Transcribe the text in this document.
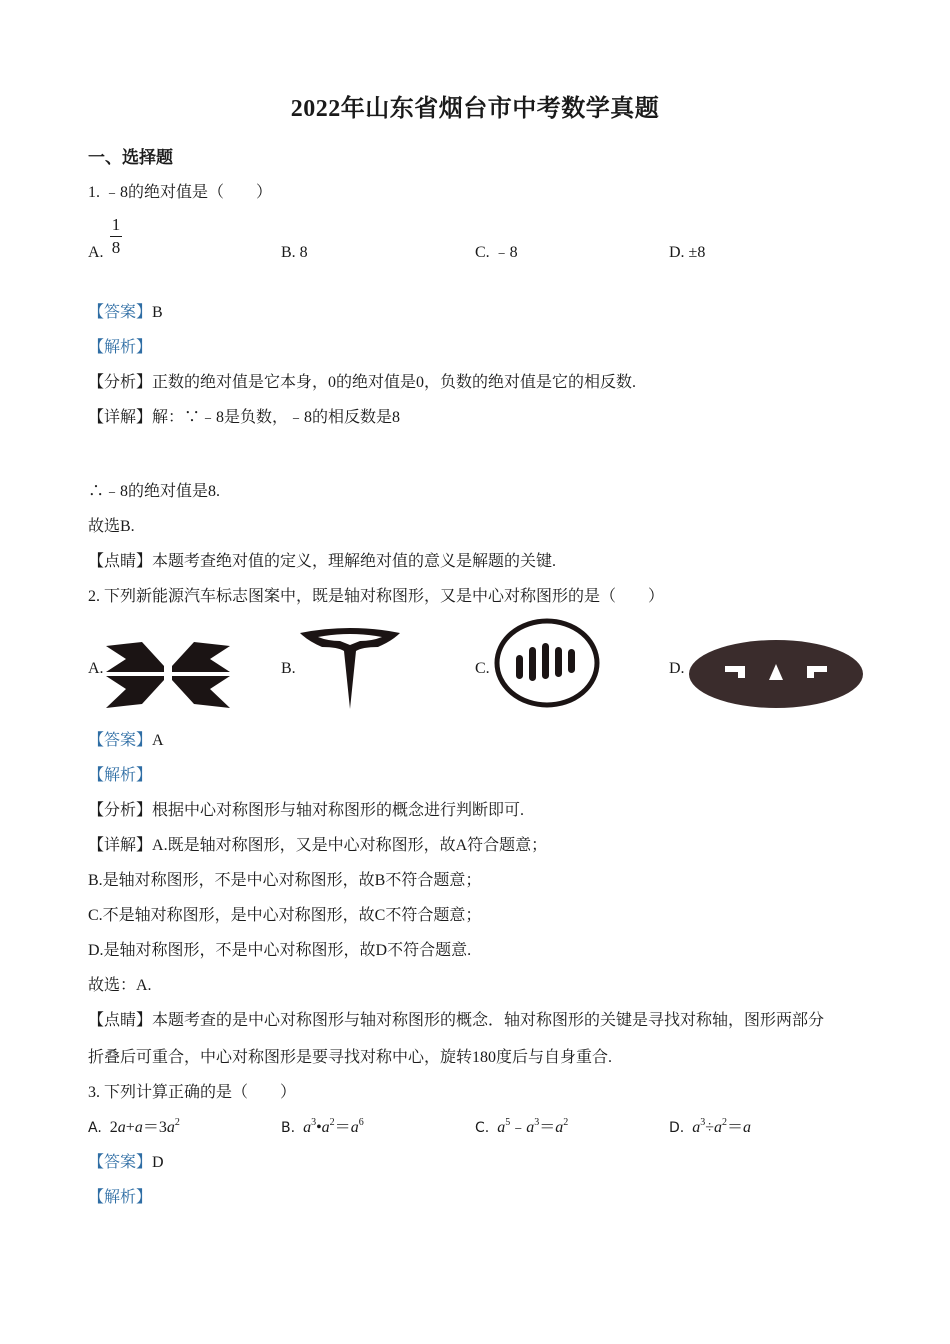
2022年山东省烟台市中考数学真题
一、选择题
1. ﹣8的绝对值是（　　）
A.
1
8	B. 8	C. ﹣8	D. ±8
【答案】B
【解析】
【分析】正数的绝对值是它本身，0的绝对值是0，负数的绝对值是它的相反数.
【详解】解：∵﹣8是负数，﹣8的相反数是8
∴﹣8的绝对值是8.
故选B.
【点睛】本题考查绝对值的定义，理解绝对值的意义是解题的关键.
2. 下列新能源汽车标志图案中，既是轴对称图形，又是中心对称图形的是（　　）
A.	B.	C.	D.
【答案】A
【解析】
【分析】根据中心对称图形与轴对称图形的概念进行判断即可.
【详解】A.既是轴对称图形，又是中心对称图形，故A符合题意；
B.是轴对称图形，不是中心对称图形，故B不符合题意；
C.不是轴对称图形，是中心对称图形，故C不符合题意；
D.是轴对称图形，不是中心对称图形，故D不符合题意.
故选：A.
【点睛】本题考查的是中心对称图形与轴对称图形的概念．轴对称图形的关键是寻找对称轴，图形两部分
折叠后可重合，中心对称图形是要寻找对称中心，旋转180度后与自身重合.
3. 下列计算正确的是（　　）
A. $2a+a=3a^2$	B. $a^3•a^2=a^6$	C. $a^5﹣a^3=a^2$	D. $a^3\div a^2=a$
【答案】D
【解析】
